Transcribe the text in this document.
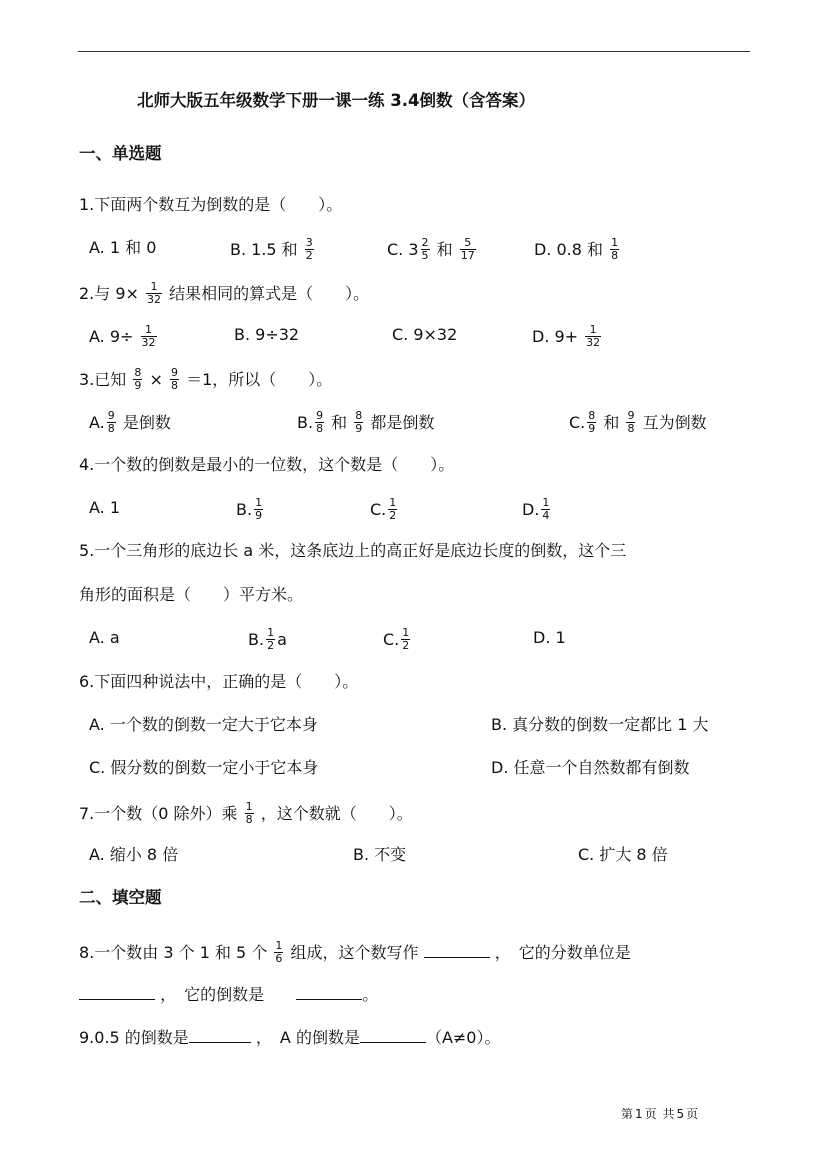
北师大版五年级数学下册一课一练 3.4倒数（含答案）
一、单选题
1.下面两个数互为倒数的是（　　）。
A. 1 和 0	B. 1.5 和 $\frac{3}{2}$	C. $3 \frac{2}{5}$ 和 $\frac{5}{17}$	D. 0.8 和 $\frac{1}{8}$
2.与 $9\times \frac{1}{32}$ 结果相同的算式是（　　）。
A. $9\div \frac{1}{32}$	B. 9÷32	C. 9×32	D. $9+ \frac{1}{32}$
3.已知 $\frac{8}{9} \times \frac{9}{8} =1$，所以（　　）。
A. $\frac{9}{8}$ 是倒数	B. $\frac{9}{8}$ 和 $\frac{8}{9}$ 都是倒数	C. $\frac{8}{9}$ 和 $\frac{9}{8}$ 互为倒数
4.一个数的倒数是最小的一位数，这个数是（　　）。
A. 1	B. $\frac{1}{9}$	C. $\frac{1}{2}$	D. $\frac{1}{4}$
5.一个三角形的底边长 a 米，这条底边上的高正好是底边长度的倒数，这个三
角形的面积是（　　）平方米。
A. a	B. $\frac{1}{2}$ a	C. $\frac{1}{2}$	D. 1
6.下面四种说法中，正确的是（　　）。
A. 一个数的倒数一定大于它本身	B. 真分数的倒数一定都比 1 大
C. 假分数的倒数一定小于它本身	D. 任意一个自然数都有倒数
7.一个数（0 除外）乘 $\frac{1}{8}$ ，这个数就（　　）。
A. 缩小 8 倍	B. 不变	C. 扩大 8 倍
二、填空题
8.一个数由 3 个 1 和 5 个 $\frac{1}{6}$ 组成，这个数写作	，　它的分数单位是
，　它的倒数是	。
9.0.5 的倒数是	，　A 的倒数是	（A≠0）。
第 1 页 共 5 页
